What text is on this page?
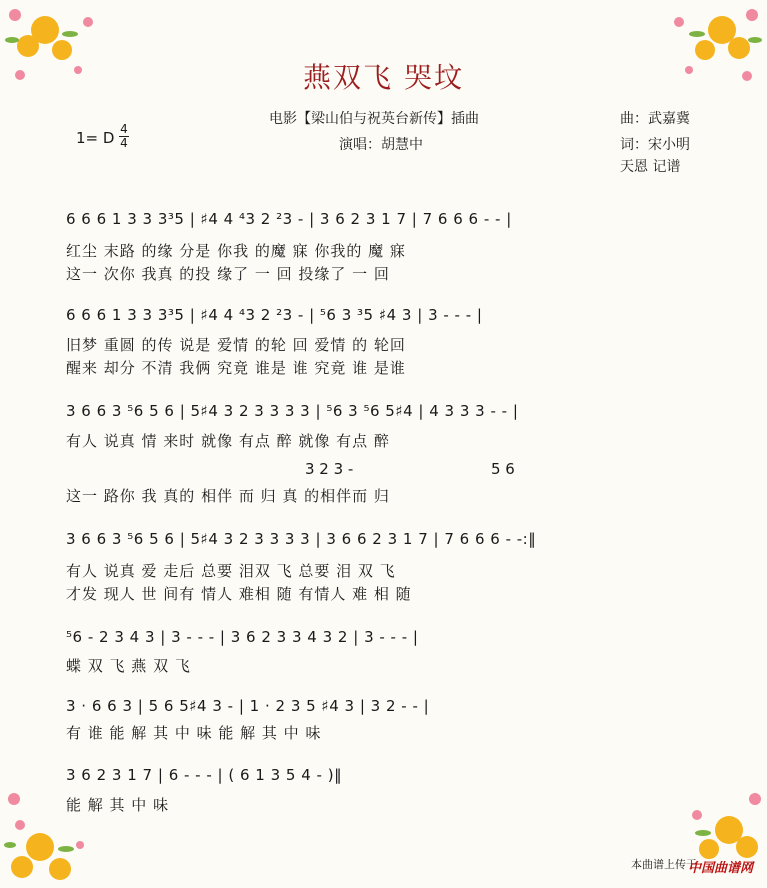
燕双飞 哭坟
电影【梁山伯与祝英台新传】插曲	曲：武嘉冀
演唱：胡慧中	词：宋小明
天恩 记谱
1= D 4
4
6 6 6 1 3 3 3³5 | ♯4 4 ⁴3 2 ²3 - | 3 6 2 3 1 7 | 7 6 6 6 - - |
红尘 末路 的缘 分是 你我 的魔 寐 你我的 魔 寐
这一 次你 我真 的投 缘了 一 回 投缘了 一 回
6 6 6 1 3 3 3³5 | ♯4 4 ⁴3 2 ²3 - | ⁵6 3 ³5 ♯4 3 | 3 - - - |
旧梦 重圆 的传 说是 爱情 的轮 回 爱情 的 轮回
醒来 却分 不清 我俩 究竟 谁是 谁 究竟 谁 是谁
3 6 6 3 ⁵6 5 6 | 5♯4 3 2 3 3 3 3 | ⁵6 3 ⁵6 5♯4 | 4 3 3 3 - - |
有人 说真 情 来时 就像 有点 醉 就像 有点 醉
3 2 3 -	5 6
这一 路你 我 真的 相伴 而 归 真 的相伴而 归
3 6 6 3 ⁵6 5 6 | 5♯4 3 2 3 3 3 3 | 3 6 6 2 3 1 7 | 7 6 6 6 - -:‖
有人 说真 爱 走后 总要 泪双 飞 总要 泪 双 飞
才发 现人 世 间有 情人 难相 随 有情人 难 相 随
⁵6 - 2 3 4 3 | 3 - - - | 3 6 2 3 3 4 3 2 | 3 - - - |
蝶 双 飞 燕 双 飞
3 · 6 6 3 | 5 6 5♯4 3 - | 1 · 2 3 5 ♯4 3 | 3 2 - - |
有 谁 能 解 其 中 味 能 解 其 中 味
3 6 2 3 1 7 | 6 - - - | ( 6 1 3 5 4 - )‖
能 解 其 中 味
本曲谱上传于
中国曲谱网
